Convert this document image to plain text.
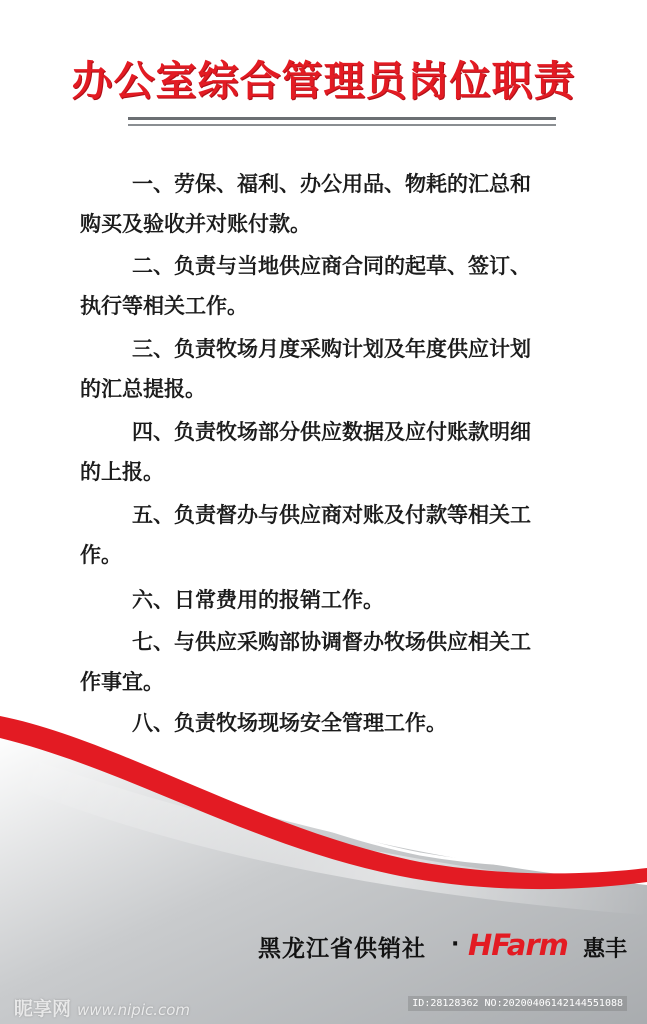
办公室综合管理员岗位职责
一、劳保、福利、办公用品、物耗的汇总和
购买及验收并对账付款。
二、负责与当地供应商合同的起草、签订、
执行等相关工作。
三、负责牧场月度采购计划及年度供应计划
的汇总提报。
四、负责牧场部分供应数据及应付账款明细
的上报。
五、负责督办与供应商对账及付款等相关工
作。
六、日常费用的报销工作。
七、与供应采购部协调督办牧场供应相关工
作事宜。
八、负责牧场现场安全管理工作。
黑龙江省供销社 · HFarm 惠丰
昵享网 www.nipic.com	ID:28128362 NO:20200406142144551088
